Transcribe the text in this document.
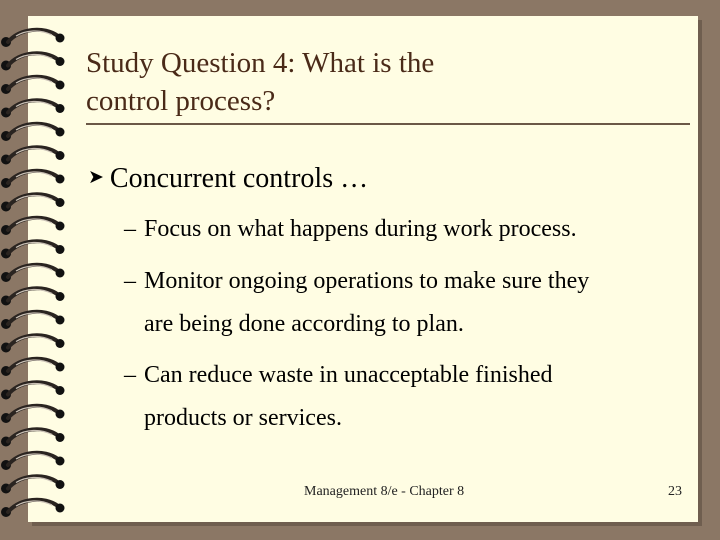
Study Question 4: What is the
control process?
➤ Concurrent controls …
– Focus on what happens during work process.
– Monitor ongoing operations to make sure they
are being done according to plan.
– Can reduce waste in unacceptable finished
products or services.
Management 8/e - Chapter 8	23
